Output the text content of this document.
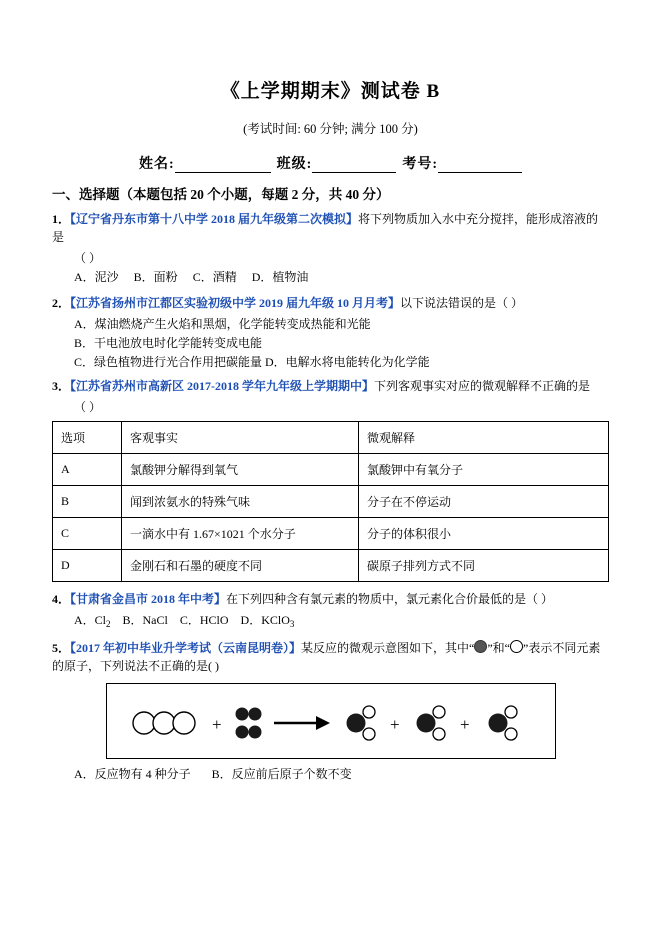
《上学期期末》测试卷 B
(考试时间: 60 分钟; 满分 100 分)
姓名:	班级:	考号:
一、选择题（本题包括 20 个小题，每题 2 分，共 40 分）
1．【辽宁省丹东市第十八中学 2018 届九年级第二次模拟】将下列物质加入水中充分搅拌，能形成溶液的是
（ ）
A．泥沙 B．面粉 C．酒精 D．植物油
2．【江苏省扬州市江都区实验初级中学 2019 届九年级 10 月月考】以下说法错误的是（ ）
A．煤油燃烧产生火焰和黑烟，化学能转变成热能和光能
B．干电池放电时化学能转变成电能
C．绿色植物进行光合作用把碳能量 D．电解水将电能转化为化学能
3．【江苏省苏州市高新区 2017-2018 学年九年级上学期期中】下列客观事实对应的微观解释不正确的是
（ ）
选项	客观事实	微观解释
A	氯酸钾分解得到氧气	氯酸钾中有氧分子
B	闻到浓氨水的特殊气味	分子在不停运动
C	一滴水中有 1.67×1021 个水分子	分子的体积很小
D	金刚石和石墨的硬度不同	碳原子排列方式不同
4．【甘肃省金昌市 2018 年中考】在下列四种含有氯元素的物质中，氯元素化合价最低的是（ ）
A．$Cl_2$ B．NaCl C．HClO D．KClO$_3$
5．【2017 年初中毕业升学考试（云南昆明卷）】某反应的微观示意图如下，其中“ ”和“ ”表示不同元素的原子，下列说法不正确的是( )
+	+	+
A．反应物有 4 种分子 B．反应前后原子个数不变
